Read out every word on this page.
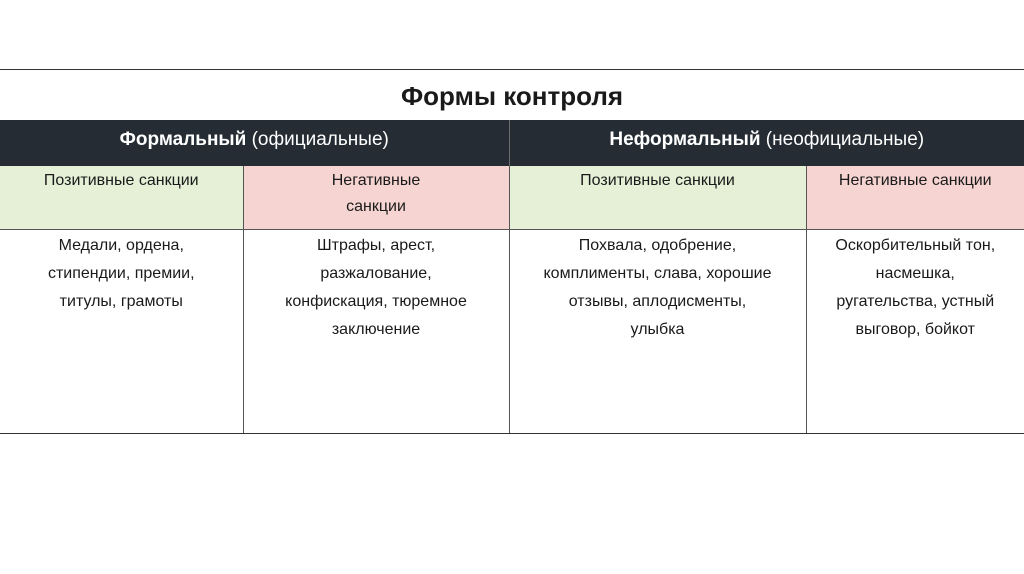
Формы контроля			
Формальный (официальные)		Неформальный (неофициальные)	

Позитивные санкции	Негативные
санкции	Позитивные санкции	Негативные санкции

Медали, ордена,
стипендии, премии,
титулы, грамоты	Штрафы, арест,
разжалование,
конфискация, тюремное
заключение	Похвала, одобрение,
комплименты, слава, хорошие
отзывы, аплодисменты,
улыбка	Оскорбительный тон,
насмешка,
ругательства, устный
выговор, бойкот
